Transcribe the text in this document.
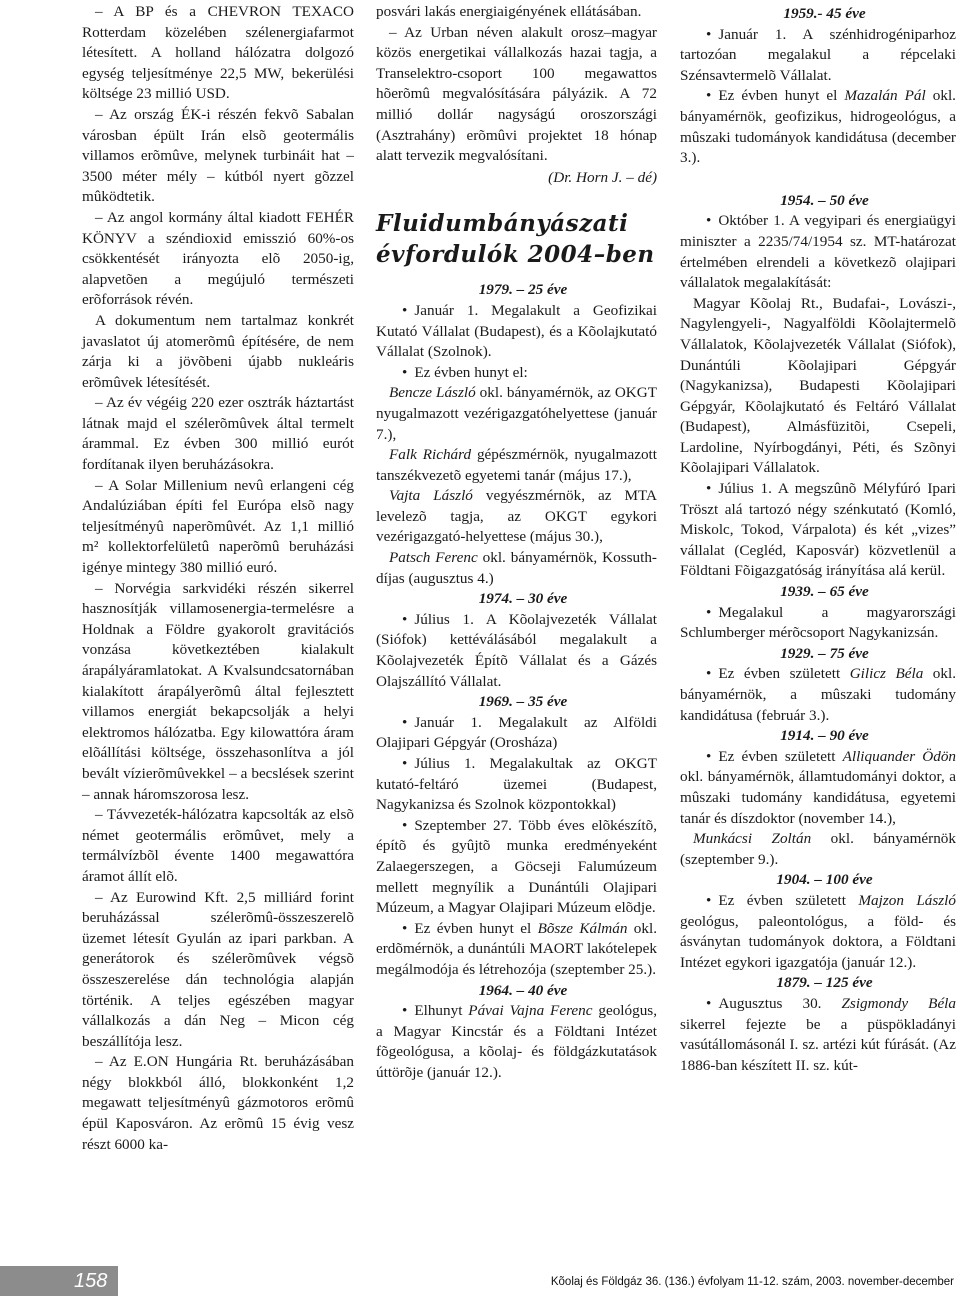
– A BP és a CHEVRON TEXACO Rotterdam közelében szélenergiafarmot létesített. A holland hálózatra dolgozó egység teljesítménye 22,5 MW, bekerülési költsége 23 millió USD.

– Az ország ÉK-i részén fekvõ Sabalan városban épült Irán elsõ geotermális villamos erõmûve, melynek turbináit hat – 3500 méter mély – kútból nyert gõzzel mûködtetik.

– Az angol kormány által kiadott FEHÉR KÖNYV a széndioxid emisszió 60%-os csökkentését irányozta elõ 2050-ig, alapvetõen a megújuló természeti erõforrások révén.

A dokumentum nem tartalmaz konkrét javaslatot új atomerõmû építésére, de nem zárja ki a jövõbeni újabb nukleáris erõmûvek létesítését.

– Az év végéig 220 ezer osztrák háztartást látnak majd el szélerõmûvek által termelt árammal. Ez évben 300 millió eurót fordítanak ilyen beruházásokra.

– A Solar Millenium nevû erlangeni cég Andalúziában építi fel Európa elsõ nagy teljesítményû naperõmûvét. Az 1,1 millió m² kollektorfelületû naperõmû beruházási igénye mintegy 380 millió euró.

– Norvégia sarkvidéki részén sikerrel hasznosítják villamosenergia-termelésre a Holdnak a Földre gyakorolt gravitációs vonzása következtében kialakult árapályáramlatokat. A Kvalsundcsatornában kialakított árapályerõmû által fejlesztett villamos energiát bekapcsolják a helyi elektromos hálózatba. Egy kilowattóra áram elõállítási költsége, összehasonlítva a jól bevált vízierõmûvekkel – a becslések szerint – annak háromszorosa lesz.

– Távvezeték-hálózatra kapcsolták az elsõ német geotermális erõmûvet, mely a termálvízbõl évente 1400 megawattóra áramot állít elõ.

– Az Eurowind Kft. 2,5 milliárd forint beruházással szélerõmû-összeszerelõ üzemet létesít Gyulán az ipari parkban. A generátorok és szélerõmûvek végsõ összeszerelése dán technológia alapján történik. A teljes egészében magyar vállalkozás a dán Neg – Micon cég beszállítója lesz.

– Az E.ON Hungária Rt. beruházásában négy blokkból álló, blokkonként 1,2 megawatt teljesítményû gázmotoros erõmû épül Kaposváron. Az erõmû 15 évig vesz részt 6000 ka-

posvári lakás energiaigényének ellátásában.

– Az Urban néven alakult orosz–magyar közös energetikai vállalkozás hazai tagja, a Transelektro-csoport 100 megawattos hõerõmû megvalósítására pályázik. A 72 millió dollár nagyságú oroszországi (Asztrahány) erõmûvi projektet 18 hónap alatt tervezik megvalósítani.

(Dr. Horn J. – dé)

Fluidumbányászati évfordulók 2004–ben

1979. – 25 éve

• Január 1. Megalakult a Geofizikai Kutató Vállalat (Budapest), és a Kõolajkutató Vállalat (Szolnok).

• Ez évben hunyt el:

Bencze László okl. bányamérnök, az OKGT nyugalmazott vezérigazgatóhelyettese (január 7.),

Falk Richárd gépészmérnök, nyugalmazott tanszékvezetõ egyetemi tanár (május 17.),

Vajta László vegyészmérnök, az MTA levelezõ tagja, az OKGT egykori vezérigazgató-helyettese (május 30.),

Patsch Ferenc okl. bányamérnök, Kossuth-díjas (augusztus 4.)

1974. – 30 éve

• Július 1. A Kõolajvezeték Vállalat (Siófok) kettéválásából megalakult a Kõolajvezeték Építõ Vállalat és a Gázés Olajszállító Vállalat.

1969. – 35 éve

• Január 1. Megalakult az Alföldi Olajipari Gépgyár (Orosháza)

• Július 1. Megalakultak az OKGT kutató-feltáró üzemei (Budapest, Nagykanizsa és Szolnok központokkal)

• Szeptember 27. Több éves elõkészítõ, építõ és gyûjtõ munka eredményeként Zalaegerszegen, a Göcseji Falumúzeum mellett megnyílik a Dunántúli Olajipari Múzeum, a Magyar Olajipari Múzeum elõdje.

• Ez évben hunyt el Bõsze Kálmán okl. erdõmérnök, a dunántúli MAORT lakótelepek megálmodója és létrehozója (szeptember 25.).

1964. – 40 éve

• Elhunyt Pávai Vajna Ferenc geológus, a Magyar Kincstár és a Földtani Intézet fõgeológusa, a kõolaj- és földgázkutatások úttörõje (január 12.).

1959.- 45 éve

• Január 1. A szénhidrogéniparhoz tartozóan megalakul a répcelaki Szénsavtermelõ Vállalat.

• Ez évben hunyt el Mazalán Pál okl. bányamérnök, geofizikus, hidrogeológus, a mûszaki tudományok kandidátusa (december 3.).

1954. – 50 éve

• Október 1. A vegyipari és energiaügyi miniszter a 2235/74/1954 sz. MT-határozat értelmében elrendeli a következõ olajipari vállalatok megalakítását:

Magyar Kõolaj Rt., Budafai-, Lovászi-, Nagylengyeli-, Nagyalföldi Kõolajtermelõ Vállalatok, Kõolajvezeték Vállalat (Siófok), Dunántúli Kõolajipari Gépgyár (Nagykanizsa), Budapesti Kõolajipari Gépgyár, Kõolajkutató és Feltáró Vállalat (Budapest), Almásfüzitõi, Csepeli, Lardoline, Nyírbogdányi, Péti, és Szõnyi Kõolajipari Vállalatok.

• Július 1. A megszûnõ Mélyfúró Ipari Tröszt alá tartozó négy szénkutató (Komló, Miskolc, Tokod, Várpalota) és két „vizes” vállalat (Cegléd, Kaposvár) közvetlenül a Földtani Fõigazgatóság irányítása alá kerül.

1939. – 65 éve

• Megalakul a magyarországi Schlumberger mérõcsoport Nagykanizsán.

1929. – 75 éve

• Ez évben született Gilicz Béla okl. bányamérnök, a mûszaki tudomány kandidátusa (február 3.).

1914. – 90 éve

• Ez évben született Alliquander Ödön okl. bányamérnök, államtudományi doktor, a mûszaki tudomány kandidátusa, egyetemi tanár és díszdoktor (november 14.),

Munkácsi Zoltán okl. bányamérnök (szeptember 9.).

1904. – 100 éve

• Ez évben született Majzon László geológus, paleontológus, a föld- és ásványtan tudományok doktora, a Földtani Intézet egykori igazgatója (január 12.).

1879. – 125 éve

• Augusztus 30. Zsigmondy Béla sikerrel fejezte be a püspökladányi vasútállomásonál I. sz. artézi kút fúrását. (Az 1886-ban készített II. sz. kút-

158	Kõolaj és Földgáz 36. (136.) évfolyam 11-12. szám, 2003. november-december
